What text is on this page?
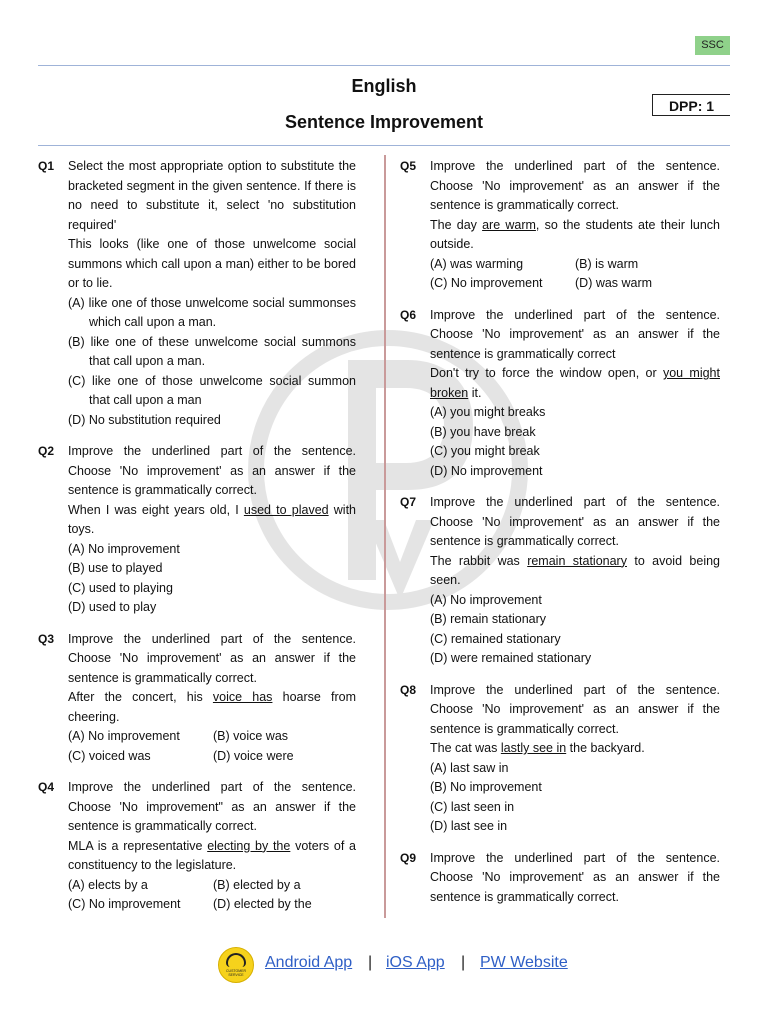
SSC
English
DPP: 1
Sentence Improvement
Q1 Select the most appropriate option to substitute the bracketed segment in the given sentence. If there is no need to substitute it, select 'no substitution required'
This looks (like one of those unwelcome social summons which call upon a man) either to be bored or to lie.
(A) like one of those unwelcome social summonses which call upon a man.
(B) like one of these unwelcome social summons that call upon a man.
(C) like one of those unwelcome social summon that call upon a man
(D) No substitution required
Q2 Improve the underlined part of the sentence. Choose 'No improvement' as an answer if the sentence is grammatically correct.
When I was eight years old, I used to plaved with toys.
(A) No improvement
(B) use to played
(C) used to playing
(D) used to play
Q3 Improve the underlined part of the sentence. Choose 'No improvement' as an answer if the sentence is grammatically correct.
After the concert, his voice has hoarse from cheering.
(A) No improvement	(B) voice was
(C) voiced was	(D) voice were
Q4 Improve the underlined part of the sentence. Choose 'No improvement" as an answer if the sentence is grammatically correct.
MLA is a representative electing by the voters of a constituency to the legislature.
(A) elects by a	(B) elected by a
(C) No improvement	(D) elected by the
Q5 Improve the underlined part of the sentence. Choose 'No improvement' as an answer if the sentence is grammatically correct.
The day are warm, so the students ate their lunch outside.
(A) was warming	(B) is warm
(C) No improvement	(D) was warm
Q6 Improve the underlined part of the sentence. Choose 'No improvement' as an answer if the sentence is grammatically correct
Don't try to force the window open, or you might broken it.
(A) you might breaks
(B) you have break
(C) you might break
(D) No improvement
Q7 Improve the underlined part of the sentence. Choose 'No improvement' as an answer if the sentence is grammatically correct.
The rabbit was remain stationary to avoid being seen.
(A) No improvement
(B) remain stationary
(C) remained stationary
(D) were remained stationary
Q8 Improve the underlined part of the sentence. Choose 'No improvement' as an answer if the sentence is grammatically correct.
The cat was lastly see in the backyard.
(A) last saw in
(B) No improvement
(C) last seen in
(D) last see in
Q9 Improve the underlined part of the sentence. Choose 'No improvement' as an answer if the sentence is grammatically correct.
CUSTOMER SERVICE
Android App | iOS App | PW Website
